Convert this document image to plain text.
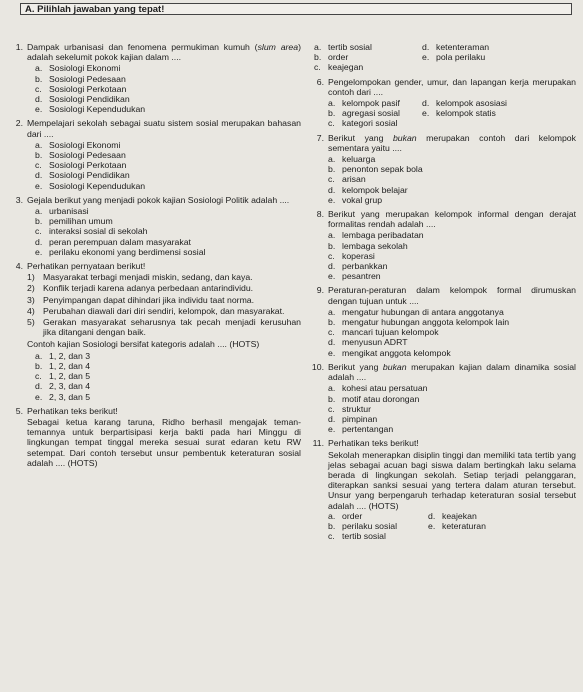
A. Pilihlah jawaban yang tepat!
a. tertib sosial	d. ketenteraman
b. order	e. pola perilaku
c. keajegan
6. Pengelompokan gender, umur, dan lapangan kerja merupakan contoh dari ....
a. kelompok pasif	d. kelompok asosiasi
b. agregasi sosial	e. kelompok statis
c. kategori sosial
7. Berikut yang bukan merupakan contoh dari kelompok sementara yaitu ....
a. keluarga
b. penonton sepak bola
c. arisan
d. kelompok belajar
e. vokal grup
8. Berikut yang merupakan kelompok informal dengan derajat formalitas rendah adalah ....
a. lembaga peribadatan
b. lembaga sekolah
c. koperasi
d. perbankkan
e. pesantren
9. Peraturan-peraturan dalam kelompok formal dirumuskan dengan tujuan untuk ....
a. mengatur hubungan di antara anggotanya
b. mengatur hubungan anggota kelompok lain
c. mancari tujuan kelompok
d. menyusun ADRT
e. mengikat anggota kelompok
10. Berikut yang bukan merupakan kajian dalam dinamika sosial adalah ....
a. kohesi atau persatuan
b. motif atau dorongan
c. struktur
d. pimpinan
e. pertentangan
11. Perhatikan teks berikut!
Sekolah menerapkan disiplin tinggi dan memiliki tata tertib yang jelas sebagai acuan bagi siswa dalam bertingkah laku selama berada di lingkungan sekolah. Setiap terjadi pelanggaran, diterapkan sanksi sesuai yang tertera dalam aturan tersebut. Unsur yang berpengaruh terhadap keteraturan sosial tersebut adalah .... (HOTS)
a. order	d. keajekan
b. perilaku sosial	e. keteraturan
c. tertib sosial
1. Dampak urbanisasi dan fenomena permukiman kumuh (slum area) adalah sekelumit pokok kajian dalam ....
a. Sosiologi Ekonomi
b. Sosiologi Pedesaan
c. Sosiologi Perkotaan
d. Sosiologi Pendidikan
e. Sosiologi Kependudukan
2. Mempelajari sekolah sebagai suatu sistem sosial merupakan bahasan dari ....
a. Sosiologi Ekonomi
b. Sosiologi Pedesaan
c. Sosiologi Perkotaan
d. Sosiologi Pendidikan
e. Sosiologi Kependudukan
3. Gejala berikut yang menjadi pokok kajian Sosiologi Politik adalah ....
a. urbanisasi
b. pemilihan umum
c. interaksi sosial di sekolah
d. peran perempuan dalam masyarakat
e. perilaku ekonomi yang berdimensi sosial
4. Perhatikan pernyataan berikut!
1) Masyarakat terbagi menjadi miskin, sedang, dan kaya.
2) Konflik terjadi karena adanya perbedaan antarindividu.
3) Penyimpangan dapat dihindari jika individu taat norma.
4) Perubahan diawali dari diri sendiri, kelompok, dan masyarakat.
5) Gerakan masyarakat seharusnya tak pecah menjadi kerusuhan jika ditangani dengan baik.
Contoh kajian Sosiologi bersifat kategoris adalah .... (HOTS)
a. 1, 2, dan 3
b. 1, 2, dan 4
c. 1, 2, dan 5
d. 2, 3, dan 4
e. 2, 3, dan 5
5. Perhatikan teks berikut!
Sebagai ketua karang taruna, Ridho berhasil mengajak teman-temannya untuk berpartisipasi kerja bakti pada hari Minggu di lingkungan tempat tinggal mereka sesuai surat edaran ketu RW setempat. Dari contoh tersebut unsur pembentuk keteraturan sosial adalah .... (HOTS)
